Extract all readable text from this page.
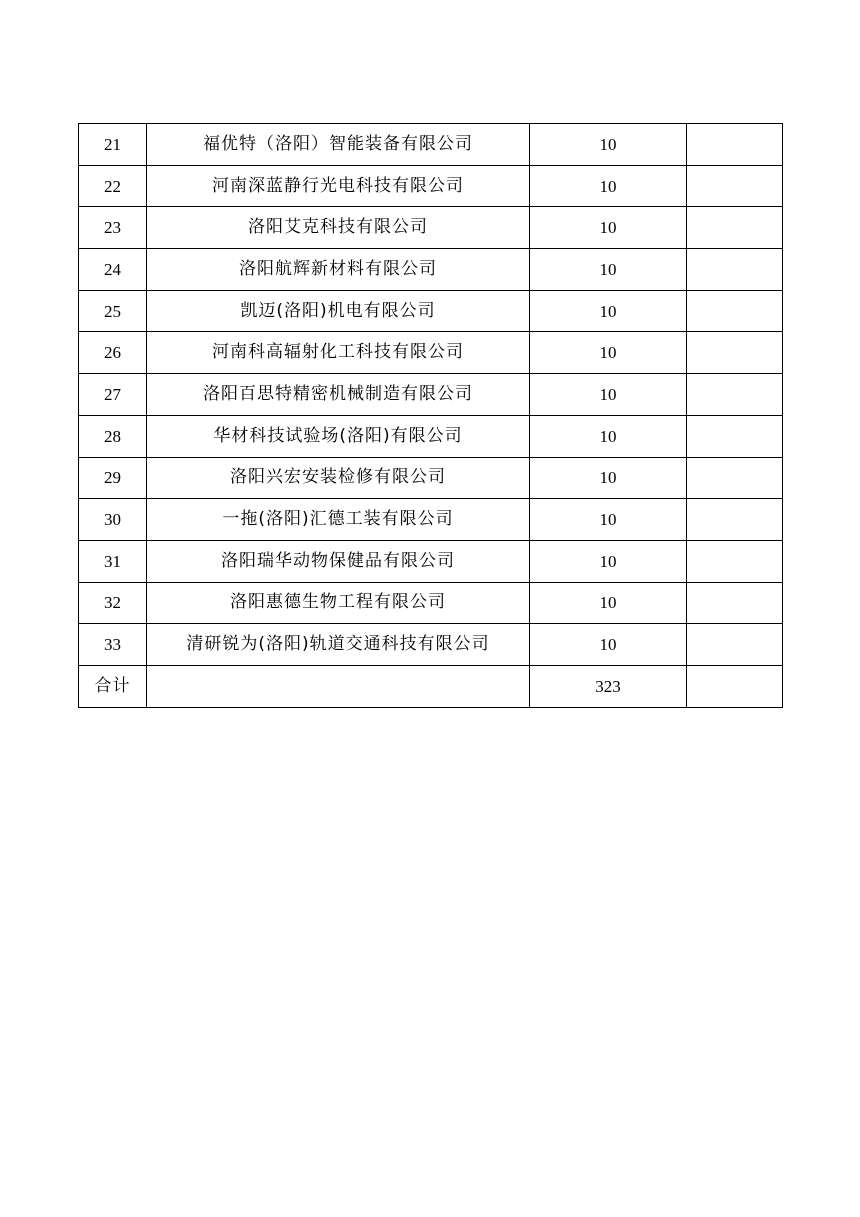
21	福优特（洛阳）智能装备有限公司	10	
22	河南深蓝静行光电科技有限公司	10	
23	洛阳艾克科技有限公司	10	
24	洛阳航辉新材料有限公司	10	
25	凯迈(洛阳)机电有限公司	10	
26	河南科高辐射化工科技有限公司	10	
27	洛阳百思特精密机械制造有限公司	10	
28	华材科技试验场(洛阳)有限公司	10	
29	洛阳兴宏安装检修有限公司	10	
30	一拖(洛阳)汇德工装有限公司	10	
31	洛阳瑞华动物保健品有限公司	10	
32	洛阳惠德生物工程有限公司	10	
33	清研锐为(洛阳)轨道交通科技有限公司	10	
合计		323	
